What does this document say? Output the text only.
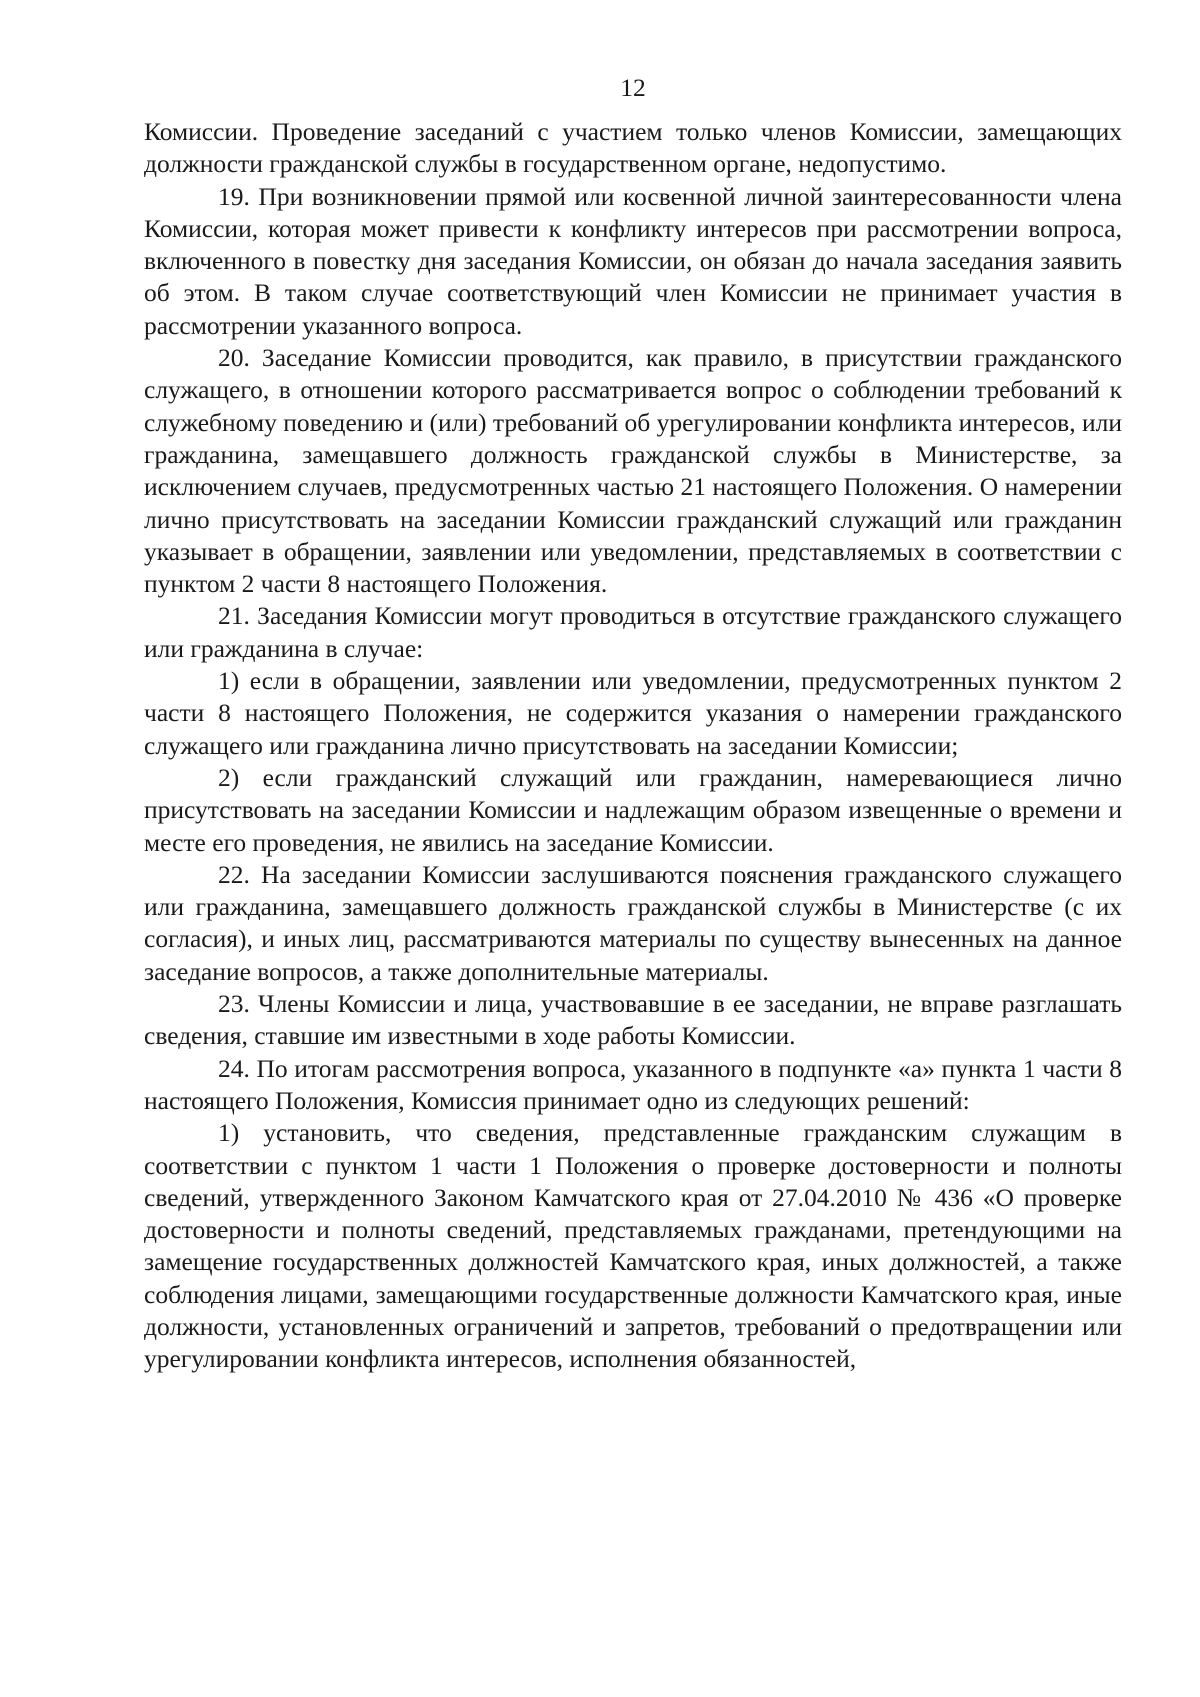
12

Комиссии. Проведение заседаний с участием только членов Комиссии, замещающих должности гражданской службы в государственном органе, недопустимо.

19. При возникновении прямой или косвенной личной заинтересованности члена Комиссии, которая может привести к конфликту интересов при рассмотрении вопроса, включенного в повестку дня заседания Комиссии, он обязан до начала заседания заявить об этом. В таком случае соответствующий член Комиссии не принимает участия в рассмотрении указанного вопроса.

20. Заседание Комиссии проводится, как правило, в присутствии гражданского служащего, в отношении которого рассматривается вопрос о соблюдении требований к служебному поведению и (или) требований об урегулировании конфликта интересов, или гражданина, замещавшего должность гражданской службы в Министерстве, за исключением случаев, предусмотренных частью 21 настоящего Положения. О намерении лично присутствовать на заседании Комиссии гражданский служащий или гражданин указывает в обращении, заявлении или уведомлении, представляемых в соответствии с пунктом 2 части 8 настоящего Положения.

21. Заседания Комиссии могут проводиться в отсутствие гражданского служащего или гражданина в случае:

1) если в обращении, заявлении или уведомлении, предусмотренных пунктом 2 части 8 настоящего Положения, не содержится указания о намерении гражданского служащего или гражданина лично присутствовать на заседании Комиссии;

2) если гражданский служащий или гражданин, намеревающиеся лично присутствовать на заседании Комиссии и надлежащим образом извещенные о времени и месте его проведения, не явились на заседание Комиссии.

22. На заседании Комиссии заслушиваются пояснения гражданского служащего или гражданина, замещавшего должность гражданской службы в Министерстве (с их согласия), и иных лиц, рассматриваются материалы по существу вынесенных на данное заседание вопросов, а также дополнительные материалы.

23. Члены Комиссии и лица, участвовавшие в ее заседании, не вправе разглашать сведения, ставшие им известными в ходе работы Комиссии.

24. По итогам рассмотрения вопроса, указанного в подпункте «а» пункта 1 части 8 настоящего Положения, Комиссия принимает одно из следующих решений:

1) установить, что сведения, представленные гражданским служащим в соответствии с пунктом 1 части 1 Положения о проверке достоверности и полноты сведений, утвержденного Законом Камчатского края от 27.04.2010 № 436 «О проверке достоверности и полноты сведений, представляемых гражданами, претендующими на замещение государственных должностей Камчатского края, иных должностей, а также соблюдения лицами, замещающими государственные должности Камчатского края, иные должности, установленных ограничений и запретов, требований о предотвращении или урегулировании конфликта интересов, исполнения обязанностей,
